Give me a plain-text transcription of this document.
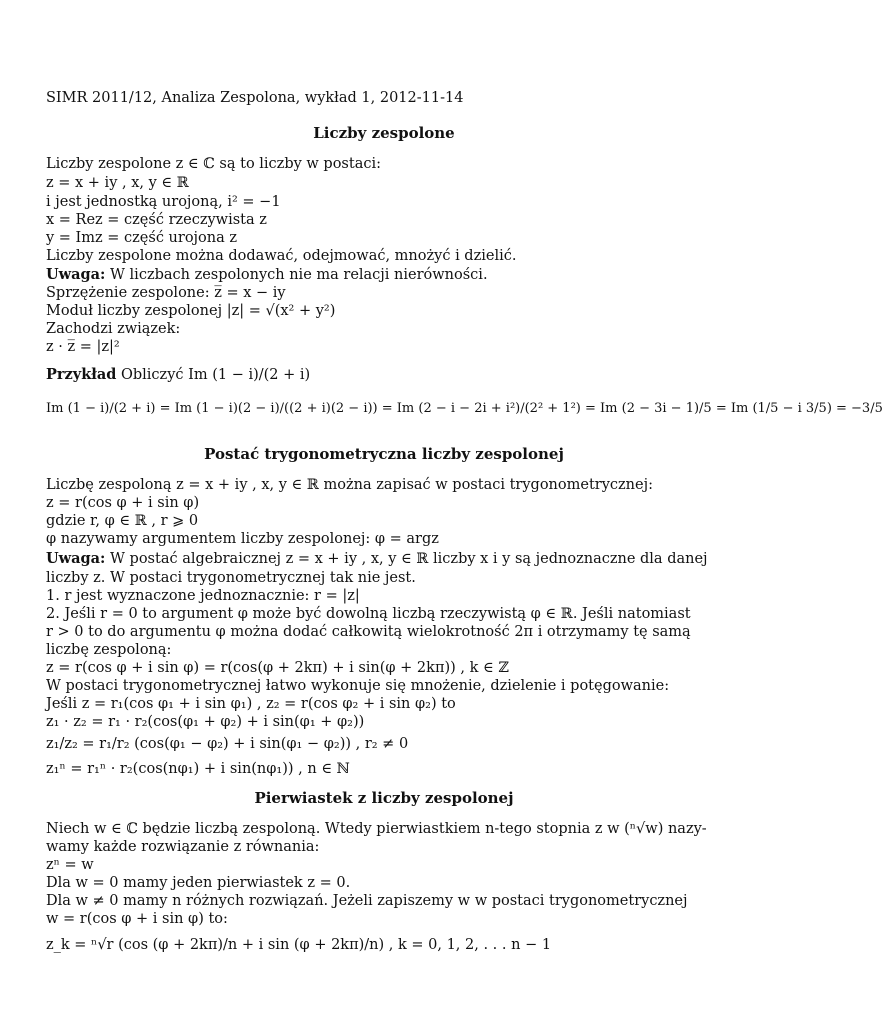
SIMR 2011/12, Analiza Zespolona, wykład 1, 2012-11-14
Liczby zespolone
Liczby zespolone z ∈ ℂ są to liczby w postaci:
z = x + iy , x, y ∈ ℝ
i jest jednostką urojoną, i² = −1
x = Rez = część rzeczywista z
y = Imz = część urojona z
Liczby zespolone można dodawać, odejmować, mnożyć i dzielić.
Uwaga: W liczbach zespolonych nie ma relacji nierówności.
Sprzężenie zespolone: z̅ = x − iy
Moduł liczby zespolonej |z| = √(x² + y²)
Zachodzi związek:
z · z̅ = |z|²
Przykład Obliczyć Im (1 − i)/(2 + i)
Im (1 − i)/(2 + i) = Im (1 − i)(2 − i)/((2 + i)(2 − i)) = Im (2 − i − 2i + i²)/(2² + 1²) = Im (2 − 3i − 1)/5 = Im (1/5 − i 3/5) = −3/5
Postać trygonometryczna liczby zespolonej
Liczbę zespoloną z = x + iy , x, y ∈ ℝ można zapisać w postaci trygonometrycznej:
z = r(cos φ + i sin φ)
gdzie r, φ ∈ ℝ , r ⩾ 0
φ nazywamy argumentem liczby zespolonej: φ = argz
Uwaga: W postać algebraicznej z = x + iy , x, y ∈ ℝ liczby x i y są jednoznaczne dla danej
liczby z. W postaci trygonometrycznej tak nie jest.
1. r jest wyznaczone jednoznacznie: r = |z|
2. Jeśli r = 0 to argument φ może być dowolną liczbą rzeczywistą φ ∈ ℝ. Jeśli natomiast
r > 0 to do argumentu φ można dodać całkowitą wielokrotność 2π i otrzymamy tę samą
liczbę zespoloną:
z = r(cos φ + i sin φ) = r(cos(φ + 2kπ) + i sin(φ + 2kπ)) , k ∈ ℤ
W postaci trygonometrycznej łatwo wykonuje się mnożenie, dzielenie i potęgowanie:
Jeśli z = r₁(cos φ₁ + i sin φ₁) , z₂ = r(cos φ₂ + i sin φ₂) to
z₁ · z₂ = r₁ · r₂(cos(φ₁ + φ₂) + i sin(φ₁ + φ₂))
z₁/z₂ = r₁/r₂ (cos(φ₁ − φ₂) + i sin(φ₁ − φ₂)) , r₂ ≠ 0
z₁ⁿ = r₁ⁿ · r₂(cos(nφ₁) + i sin(nφ₁)) , n ∈ ℕ
Pierwiastek z liczby zespolonej
Niech w ∈ ℂ będzie liczbą zespoloną. Wtedy pierwiastkiem n-tego stopnia z w (ⁿ√w) nazy-
wamy każde rozwiązanie z równania:
zⁿ = w
Dla w = 0 mamy jeden pierwiastek z = 0.
Dla w ≠ 0 mamy n różnych rozwiązań. Jeżeli zapiszemy w w postaci trygonometrycznej
w = r(cos φ + i sin φ) to:
z_k = ⁿ√r (cos (φ + 2kπ)/n + i sin (φ + 2kπ)/n) , k = 0, 1, 2, . . . n − 1
